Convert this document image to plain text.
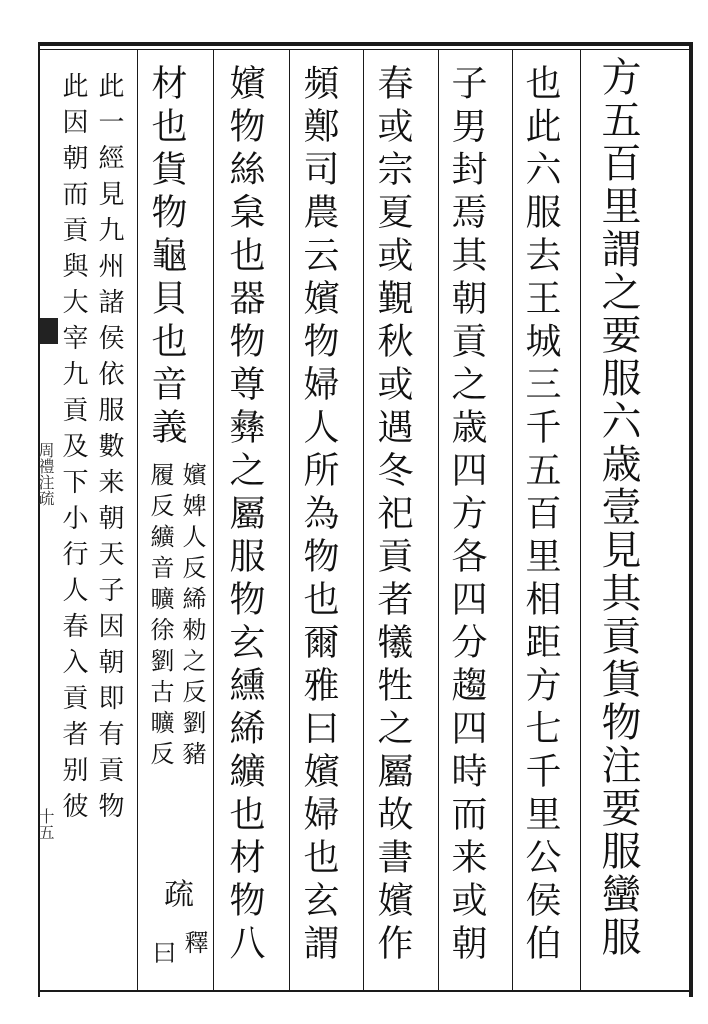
方五百里謂之要服六歳壹見其貢貨物注要服蠻服
也此六服去王城三千五百里相距方七千里公侯伯
子男封焉其朝貢之歳四方各四分趨四時而来或朝
春或宗夏或覲秋或遇冬祀貢者犧牲之屬故書嬪作
頻鄭司農云嬪物婦人所為物也爾雅曰嬪婦也玄謂
嬪物絲枲也器物尊彝之屬服物玄纁絺纊也材物八
材也貨物龜貝也音義
嬪婢人反絺勑之反劉豬
履反纊音曠徐劉古曠反
疏
釋
曰
此一經見九州諸侯依服數来朝天子因朝即有貢物
此因朝而貢與大宰九貢及下小行人春入貢者别彼
周禮注疏
十五
